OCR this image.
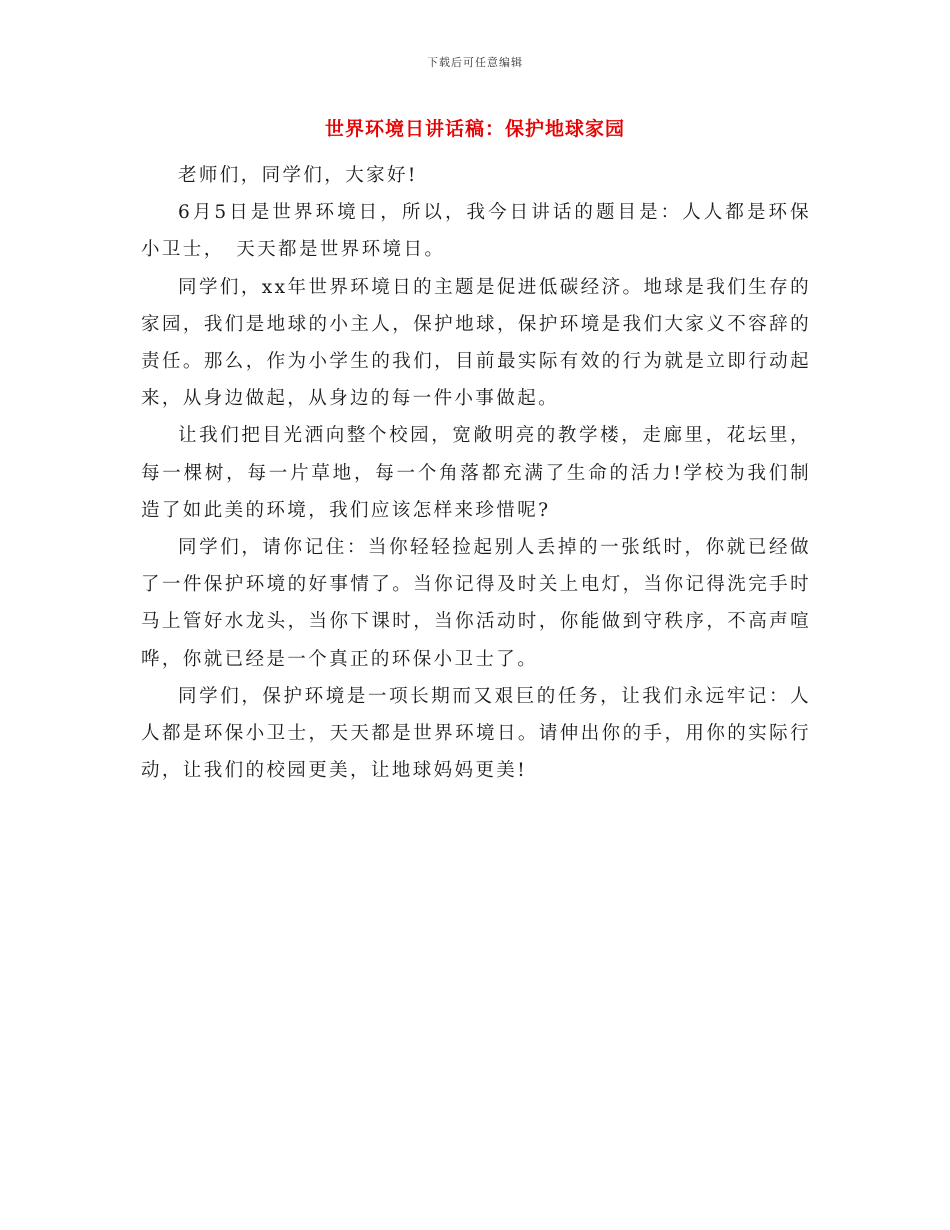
下载后可任意编辑
世界环境日讲话稿：保护地球家园

老师们，同学们，大家好!

6月5日是世界环境日，所以，我今日讲话的题目是：人人都是环保小卫士，　天天都是世界环境日。

同学们，xx年世界环境日的主题是促进低碳经济。地球是我们生存的家园，我们是地球的小主人，保护地球，保护环境是我们大家义不容辞的责任。那么，作为小学生的我们，目前最实际有效的行为就是立即行动起来，从身边做起，从身边的每一件小事做起。

让我们把目光洒向整个校园，宽敞明亮的教学楼，走廊里，花坛里，每一棵树，每一片草地，每一个角落都充满了生命的活力!学校为我们制造了如此美的环境，我们应该怎样来珍惜呢?

同学们，请你记住：当你轻轻捡起别人丢掉的一张纸时，你就已经做了一件保护环境的好事情了。当你记得及时关上电灯，当你记得洗完手时马上管好水龙头，当你下课时，当你活动时，你能做到守秩序，不高声喧哗，你就已经是一个真正的环保小卫士了。

同学们，保护环境是一项长期而又艰巨的任务，让我们永远牢记：人人都是环保小卫士，天天都是世界环境日。请伸出你的手，用你的实际行动，让我们的校园更美，让地球妈妈更美!
